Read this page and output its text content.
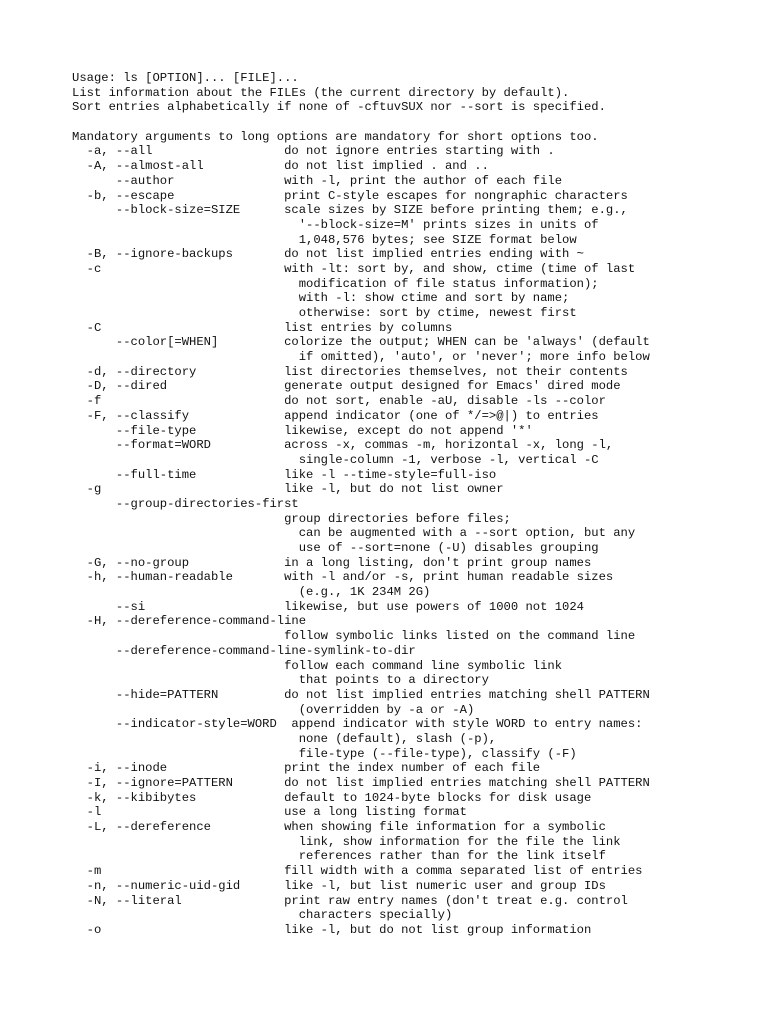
Usage: ls [OPTION]... [FILE]...
List information about the FILEs (the current directory by default).
Sort entries alphabetically if none of -cftuvSUX nor --sort is specified.
Mandatory arguments to long options are mandatory for short options too.
-a, --all                  do not ignore entries starting with .
-A, --almost-all           do not list implied . and ..
--author               with -l, print the author of each file
-b, --escape               print C-style escapes for nongraphic characters
--block-size=SIZE      scale sizes by SIZE before printing them; e.g.,
'--block-size=M' prints sizes in units of
1,048,576 bytes; see SIZE format below
-B, --ignore-backups       do not list implied entries ending with ~
-c                         with -lt: sort by, and show, ctime (time of last
modification of file status information);
with -l: show ctime and sort by name;
otherwise: sort by ctime, newest first
-C                         list entries by columns
--color[=WHEN]         colorize the output; WHEN can be 'always' (default
if omitted), 'auto', or 'never'; more info below
-d, --directory            list directories themselves, not their contents
-D, --dired                generate output designed for Emacs' dired mode
-f                         do not sort, enable -aU, disable -ls --color
-F, --classify             append indicator (one of */=>@|) to entries
--file-type            likewise, except do not append '*'
--format=WORD          across -x, commas -m, horizontal -x, long -l,
single-column -1, verbose -l, vertical -C
--full-time            like -l --time-style=full-iso
-g                         like -l, but do not list owner
--group-directories-first
group directories before files;
can be augmented with a --sort option, but any
use of --sort=none (-U) disables grouping
-G, --no-group             in a long listing, don't print group names
-h, --human-readable       with -l and/or -s, print human readable sizes
(e.g., 1K 234M 2G)
--si                   likewise, but use powers of 1000 not 1024
-H, --dereference-command-line
follow symbolic links listed on the command line
--dereference-command-line-symlink-to-dir
follow each command line symbolic link
that points to a directory
--hide=PATTERN         do not list implied entries matching shell PATTERN
(overridden by -a or -A)
--indicator-style=WORD  append indicator with style WORD to entry names:
none (default), slash (-p),
file-type (--file-type), classify (-F)
-i, --inode                print the index number of each file
-I, --ignore=PATTERN       do not list implied entries matching shell PATTERN
-k, --kibibytes            default to 1024-byte blocks for disk usage
-l                         use a long listing format
-L, --dereference          when showing file information for a symbolic
link, show information for the file the link
references rather than for the link itself
-m                         fill width with a comma separated list of entries
-n, --numeric-uid-gid      like -l, but list numeric user and group IDs
-N, --literal              print raw entry names (don't treat e.g. control
characters specially)
-o                         like -l, but do not list group information
